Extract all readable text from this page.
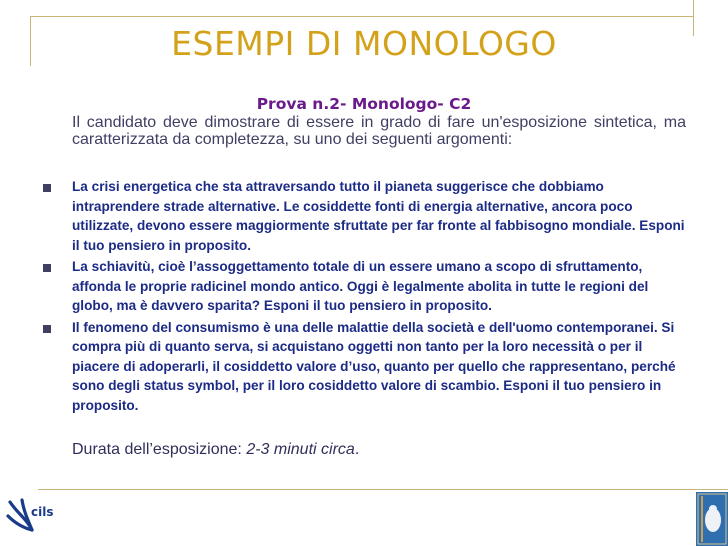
ESEMPI DI MONOLOGO
Prova n.2- Monologo- C2
Il candidato deve dimostrare di essere in grado di fare un'esposizione sintetica, ma caratterizzata da completezza, su uno dei seguenti argomenti:
La crisi energetica che sta attraversando tutto il pianeta suggerisce che dobbiamo intraprendere strade alternative. Le cosiddette fonti di energia alternative, ancora poco utilizzate, devono essere maggiormente sfruttate per far fronte al fabbisogno mondiale. Esponi il tuo pensiero in proposito.
La schiavitù, cioè l’assoggettamento totale di un essere umano a scopo di sfruttamento, affonda le proprie radicinel mondo antico. Oggi è legalmente abolita in tutte le regioni del globo, ma è davvero sparita? Esponi il tuo pensiero in proposito.
Il fenomeno del consumismo è una delle malattie della società e dell'uomo contemporanei. Si compra più di quanto serva, si acquistano oggetti non tanto per la loro necessità o per il piacere di adoperarli, il cosiddetto valore d’uso, quanto per quello che rappresentano, perché sono degli status symbol, per il loro cosiddetto valore di scambio. Esponi il tuo pensiero in proposito.
Durata dell’esposizione: 2-3 minuti circa.
cils
